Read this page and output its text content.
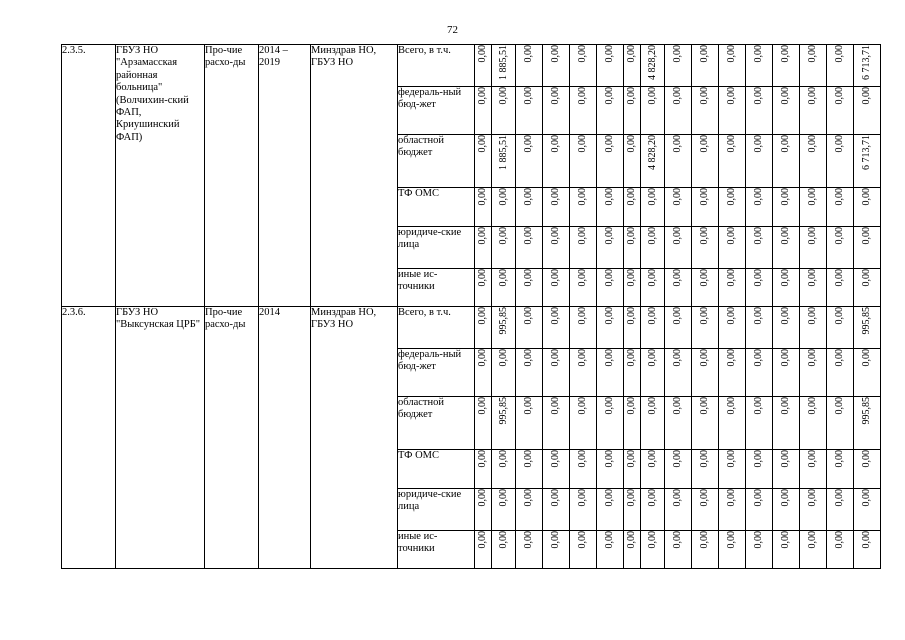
72
2.3.5.	ГБУЗ НО "Арзамасская районная больница" (Волчихин-ский ФАП, Криушинский ФАП)	Про-чие расхо-ды	2014 – 2019	Минздрав НО, ГБУЗ НО	Всего, в т.ч.	0,00	1 885,51	0,00	0,00	0,00	0,00	0,00	4 828,20	0,00	0,00	0,00	0,00	0,00	0,00	0,00	6 713,71
					федераль-ный бюд-жет	0,00	0,00	0,00	0,00	0,00	0,00	0,00	0,00	0,00	0,00	0,00	0,00	0,00	0,00	0,00	0,00
					областной бюджет	0,00	1 885,51	0,00	0,00	0,00	0,00	0,00	4 828,20	0,00	0,00	0,00	0,00	0,00	0,00	0,00	6 713,71
					ТФ ОМС	0,00	0,00	0,00	0,00	0,00	0,00	0,00	0,00	0,00	0,00	0,00	0,00	0,00	0,00	0,00	0,00
					юридиче-ские лица	0,00	0,00	0,00	0,00	0,00	0,00	0,00	0,00	0,00	0,00	0,00	0,00	0,00	0,00	0,00	0,00
					иные ис-точники	0,00	0,00	0,00	0,00	0,00	0,00	0,00	0,00	0,00	0,00	0,00	0,00	0,00	0,00	0,00	0,00
2.3.6.	ГБУЗ НО "Выксунская ЦРБ"	Про-чие расхо-ды	2014	Минздрав НО, ГБУЗ НО	Всего, в т.ч.	0,00	995,85	0,00	0,00	0,00	0,00	0,00	0,00	0,00	0,00	0,00	0,00	0,00	0,00	0,00	995,85
					федераль-ный бюд-жет	0,00	0,00	0,00	0,00	0,00	0,00	0,00	0,00	0,00	0,00	0,00	0,00	0,00	0,00	0,00	0,00
					областной бюджет	0,00	995,85	0,00	0,00	0,00	0,00	0,00	0,00	0,00	0,00	0,00	0,00	0,00	0,00	0,00	995,85
					ТФ ОМС	0,00	0,00	0,00	0,00	0,00	0,00	0,00	0,00	0,00	0,00	0,00	0,00	0,00	0,00	0,00	0,00
					юридиче-ские лица	0,00	0,00	0,00	0,00	0,00	0,00	0,00	0,00	0,00	0,00	0,00	0,00	0,00	0,00	0,00	0,00
					иные ис-точники	0,00	0,00	0,00	0,00	0,00	0,00	0,00	0,00	0,00	0,00	0,00	0,00	0,00	0,00	0,00	0,00
